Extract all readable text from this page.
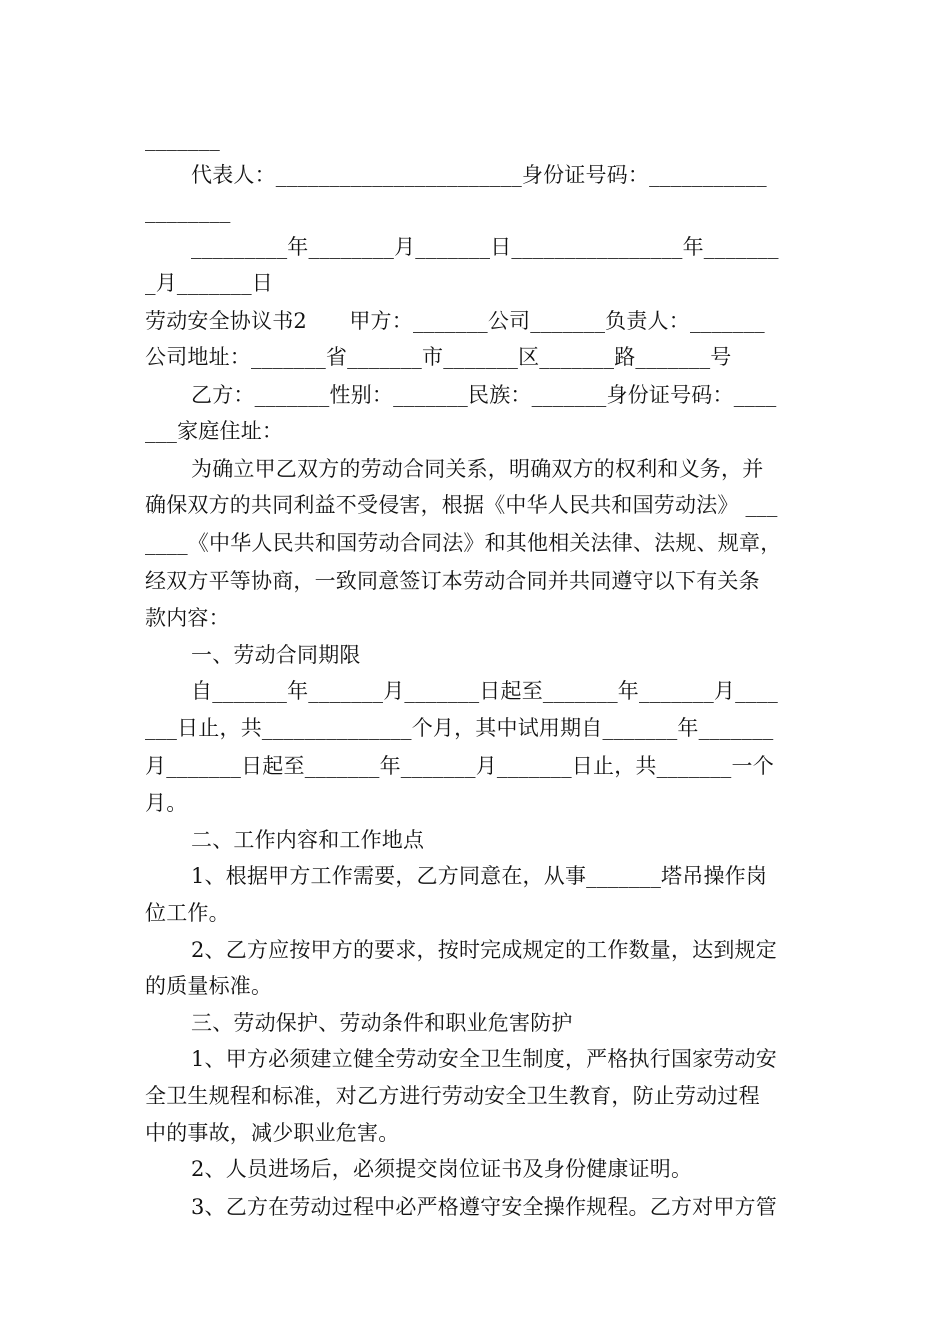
_______
代表人：_______________________身份证号码：___________
________
_________年________月_______日________________年_______
_月_______日
劳动安全协议书2　　甲方：_______公司_______负责人：_______
公司地址：_______省_______市_______区_______路_______号
乙方：_______性别：_______民族：_______身份证号码：____
___家庭住址：
为确立甲乙双方的劳动合同关系，明确双方的权利和义务，并
确保双方的共同利益不受侵害，根据《中华人民共和国劳动法》 ___
____《中华人民共和国劳动合同法》和其他相关法律、法规、规章，
经双方平等协商，一致同意签订本劳动合同并共同遵守以下有关条
款内容：
一、劳动合同期限
自_______年_______月_______日起至_______年_______月____
___日止，共______________个月，其中试用期自_______年_______
月_______日起至_______年_______月_______日止，共_______一个
月。
二、工作内容和工作地点
1、根据甲方工作需要，乙方同意在，从事_______塔吊操作岗
位工作。
2、乙方应按甲方的要求，按时完成规定的工作数量，达到规定
的质量标准。
三、劳动保护、劳动条件和职业危害防护
1、甲方必须建立健全劳动安全卫生制度，严格执行国家劳动安
全卫生规程和标准，对乙方进行劳动安全卫生教育，防止劳动过程
中的事故，减少职业危害。
2、人员进场后，必须提交岗位证书及身份健康证明。
3、乙方在劳动过程中必严格遵守安全操作规程。乙方对甲方管
